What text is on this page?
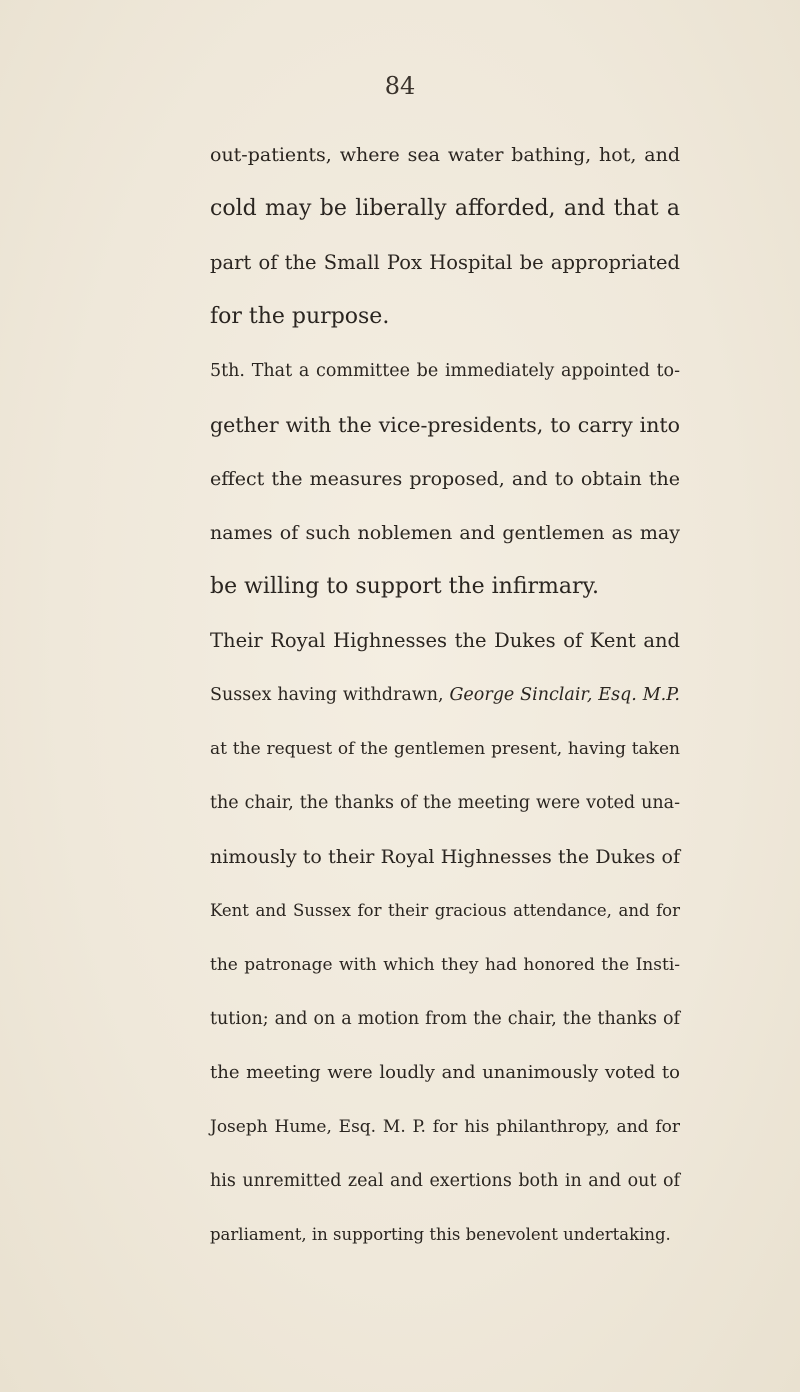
84
out-patients, where sea water bathing, hot, and
cold may be liberally afforded, and that a
part of the Small Pox Hospital be appropriated
for the purpose.
5th. That a committee be immediately appointed to-
gether with the vice-presidents, to carry into
effect the measures proposed, and to obtain the
names of such noblemen and gentlemen as may
be willing to support the infirmary.
Their Royal Highnesses the Dukes of Kent and
Sussex having withdrawn, George Sinclair, Esq. M.P.
at the request of the gentlemen present, having taken
the chair, the thanks of the meeting were voted una-
nimously to their Royal Highnesses the Dukes of
Kent and Sussex for their gracious attendance, and for
the patronage with which they had honored the Insti-
tution; and on a motion from the chair, the thanks of
the meeting were loudly and unanimously voted to
Joseph Hume, Esq. M. P. for his philanthropy, and for
his unremitted zeal and exertions both in and out of
parliament, in supporting this benevolent undertaking.
